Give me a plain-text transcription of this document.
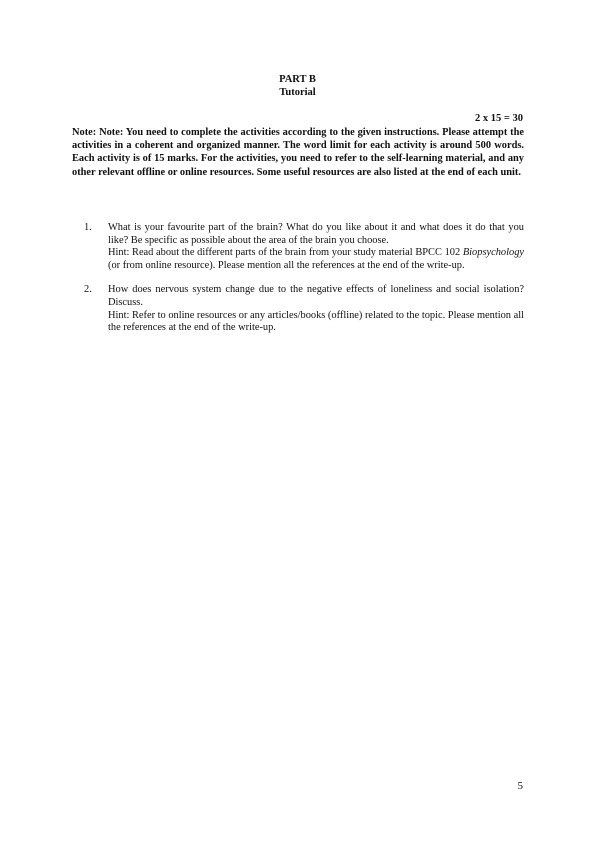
PART B
Tutorial
2 x 15 = 30
Note: Note: You need to complete the activities according to the given instructions. Please attempt the activities in a coherent and organized manner. The word limit for each activity is around 500 words. Each activity is of 15 marks. For the activities, you need to refer to the self-learning material, and any other relevant offline or online resources. Some useful resources are also listed at the end of each unit.
1. What is your favourite part of the brain? What do you like about it and what does it do that you like? Be specific as possible about the area of the brain you choose.
Hint: Read about the different parts of the brain from your study material BPCC 102 Biopsychology (or from online resource). Please mention all the references at the end of the write-up.
2. How does nervous system change due to the negative effects of loneliness and social isolation? Discuss.
Hint: Refer to online resources or any articles/books (offline) related to the topic. Please mention all the references at the end of the write-up.
5
